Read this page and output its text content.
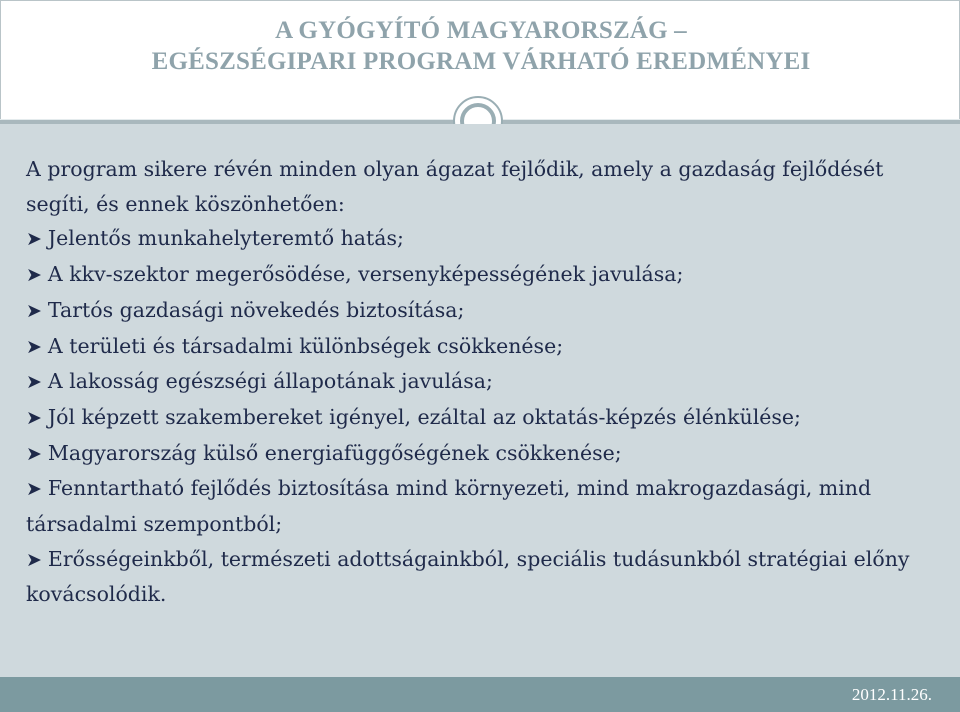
A GYÓGYÍTÓ MAGYARORSZÁG –
EGÉSZSÉGIPARI PROGRAM VÁRHATÓ EREDMÉNYEI

A program sikere révén minden olyan ágazat fejlődik, amely a gazdaság fejlődését segíti, és ennek köszönhetően:

➤ Jelentős munkahelyteremtő hatás;

➤ A kkv-szektor megerősödése, versenyképességének javulása;

➤ Tartós gazdasági növekedés biztosítása;

➤ A területi és társadalmi különbségek csökkenése;

➤ A lakosság egészségi állapotának javulása;

➤ Jól képzett szakembereket igényel, ezáltal az oktatás-képzés élénkülése;

➤ Magyarország külső energiafüggőségének csökkenése;

➤ Fenntartható fejlődés biztosítása mind környezeti, mind makrogazdasági, mind társadalmi szempontból;

➤ Erősségeinkből, természeti adottságainkból, speciális tudásunkból stratégiai előny kovácsolódik.

2012.11.26.
